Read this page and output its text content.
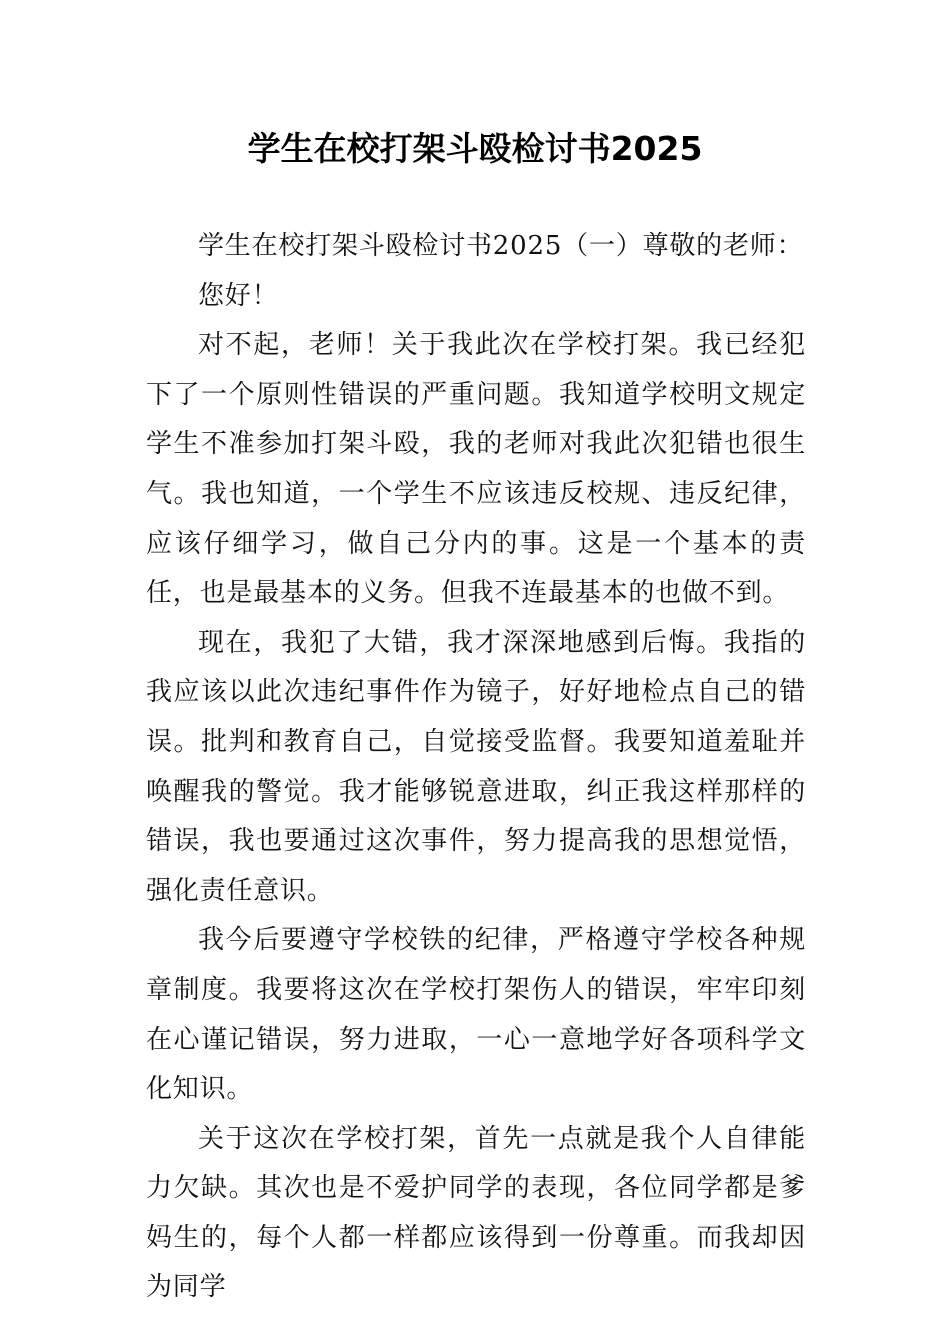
学生在校打架斗殴检讨书2025

学生在校打架斗殴检讨书2025（一）尊敬的老师：

您好！

对不起，老师！关于我此次在学校打架。我已经犯下了一个原则性错误的严重问题。我知道学校明文规定学生不准参加打架斗殴，我的老师对我此次犯错也很生气。我也知道，一个学生不应该违反校规、违反纪律，应该仔细学习，做自己分内的事。这是一个基本的责任，也是最基本的义务。但我不连最基本的也做不到。

现在，我犯了大错，我才深深地感到后悔。我指的我应该以此次违纪事件作为镜子，好好地检点自己的错误。批判和教育自己，自觉接受监督。我要知道羞耻并唤醒我的警觉。我才能够锐意进取，纠正我这样那样的错误，我也要通过这次事件，努力提高我的思想觉悟，强化责任意识。

我今后要遵守学校铁的纪律，严格遵守学校各种规章制度。我要将这次在学校打架伤人的错误，牢牢印刻在心谨记错误，努力进取，一心一意地学好各项科学文化知识。

关于这次在学校打架，首先一点就是我个人自律能力欠缺。其次也是不爱护同学的表现，各位同学都是爹妈生的，每个人都一样都应该得到一份尊重。而我却因为同学
